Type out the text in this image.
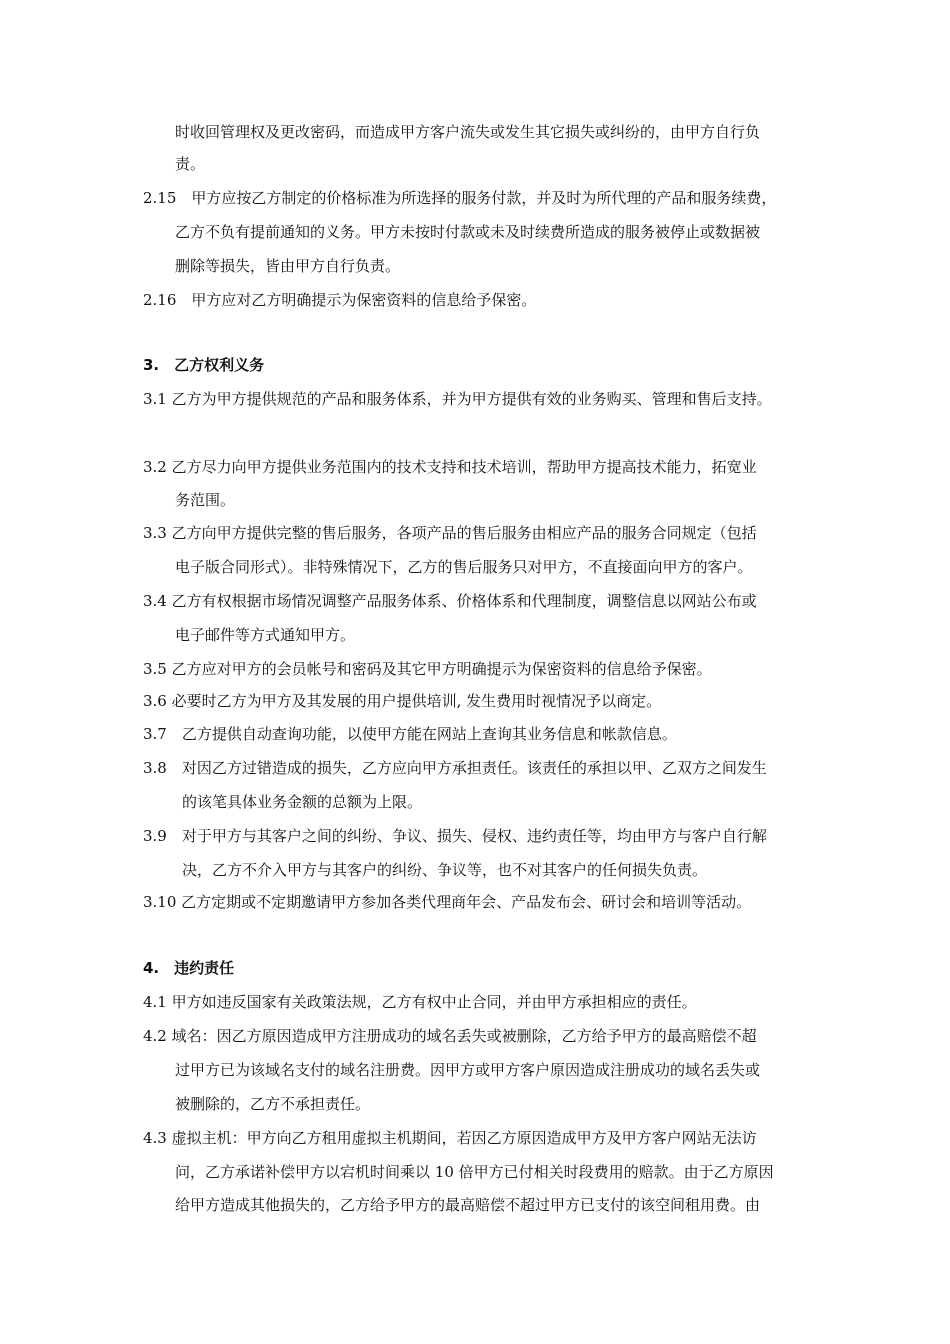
时收回管理权及更改密码，而造成甲方客户流失或发生其它损失或纠纷的，由甲方自行负
责。
2.15　甲方应按乙方制定的价格标准为所选择的服务付款，并及时为所代理的产品和服务续费，
乙方不负有提前通知的义务。甲方未按时付款或未及时续费所造成的服务被停止或数据被
删除等损失，皆由甲方自行负责。
2.16　甲方应对乙方明确提示为保密资料的信息给予保密。
3.　乙方权利义务
3.1 乙方为甲方提供规范的产品和服务体系，并为甲方提供有效的业务购买、管理和售后支持。
3.2 乙方尽力向甲方提供业务范围内的技术支持和技术培训，帮助甲方提高技术能力，拓宽业
务范围。
3.3 乙方向甲方提供完整的售后服务，各项产品的售后服务由相应产品的服务合同规定（包括
电子版合同形式）。非特殊情况下，乙方的售后服务只对甲方，不直接面向甲方的客户。
3.4 乙方有权根据市场情况调整产品服务体系、价格体系和代理制度，调整信息以网站公布或
电子邮件等方式通知甲方。
3.5 乙方应对甲方的会员帐号和密码及其它甲方明确提示为保密资料的信息给予保密。
3.6 必要时乙方为甲方及其发展的用户提供培训, 发生费用时视情况予以商定。
3.7　乙方提供自动查询功能，以使甲方能在网站上查询其业务信息和帐款信息。
3.8　对因乙方过错造成的损失，乙方应向甲方承担责任。该责任的承担以甲、乙双方之间发生
的该笔具体业务金额的总额为上限。
3.9　对于甲方与其客户之间的纠纷、争议、损失、侵权、违约责任等，均由甲方与客户自行解
决，乙方不介入甲方与其客户的纠纷、争议等，也不对其客户的任何损失负责。
3.10 乙方定期或不定期邀请甲方参加各类代理商年会、产品发布会、研讨会和培训等活动。
4.　违约责任
4.1 甲方如违反国家有关政策法规，乙方有权中止合同，并由甲方承担相应的责任。
4.2 域名：因乙方原因造成甲方注册成功的域名丢失或被删除，乙方给予甲方的最高赔偿不超
过甲方已为该域名支付的域名注册费。因甲方或甲方客户原因造成注册成功的域名丢失或
被删除的，乙方不承担责任。
4.3 虚拟主机：甲方向乙方租用虚拟主机期间，若因乙方原因造成甲方及甲方客户网站无法访
问，乙方承诺补偿甲方以宕机时间乘以 10 倍甲方已付相关时段费用的赔款。由于乙方原因
给甲方造成其他损失的，乙方给予甲方的最高赔偿不超过甲方已支付的该空间租用费。由
